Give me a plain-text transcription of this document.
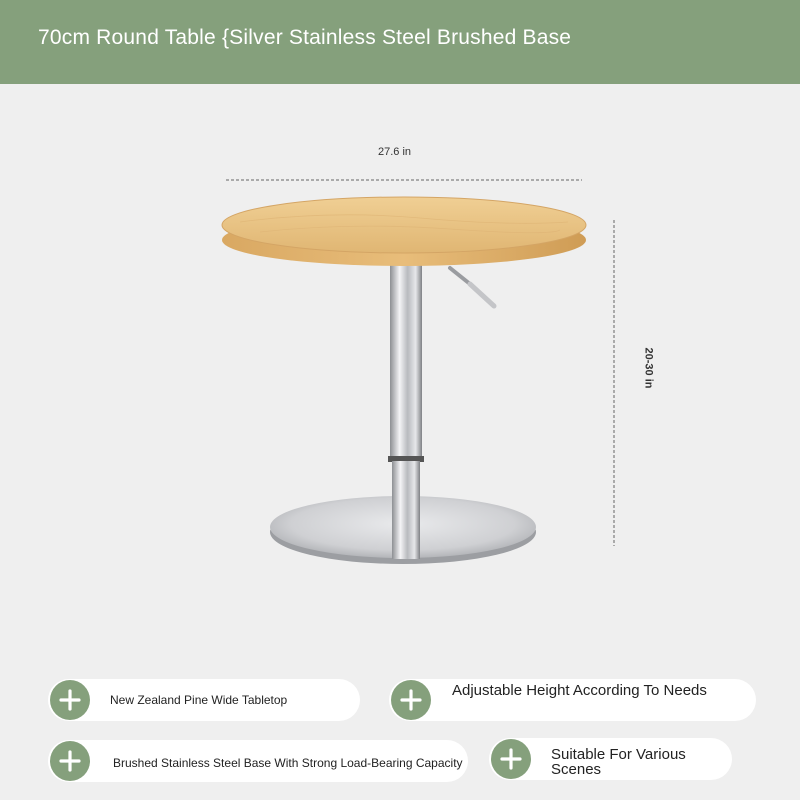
70cm Round Table {Silver Stainless Steel Brushed Base
27.6 in
20-30 in
New Zealand Pine Wide Tabletop
Adjustable Height According To Needs
Brushed Stainless Steel Base With Strong Load-Bearing Capacity	Suitable For Various Scenes
